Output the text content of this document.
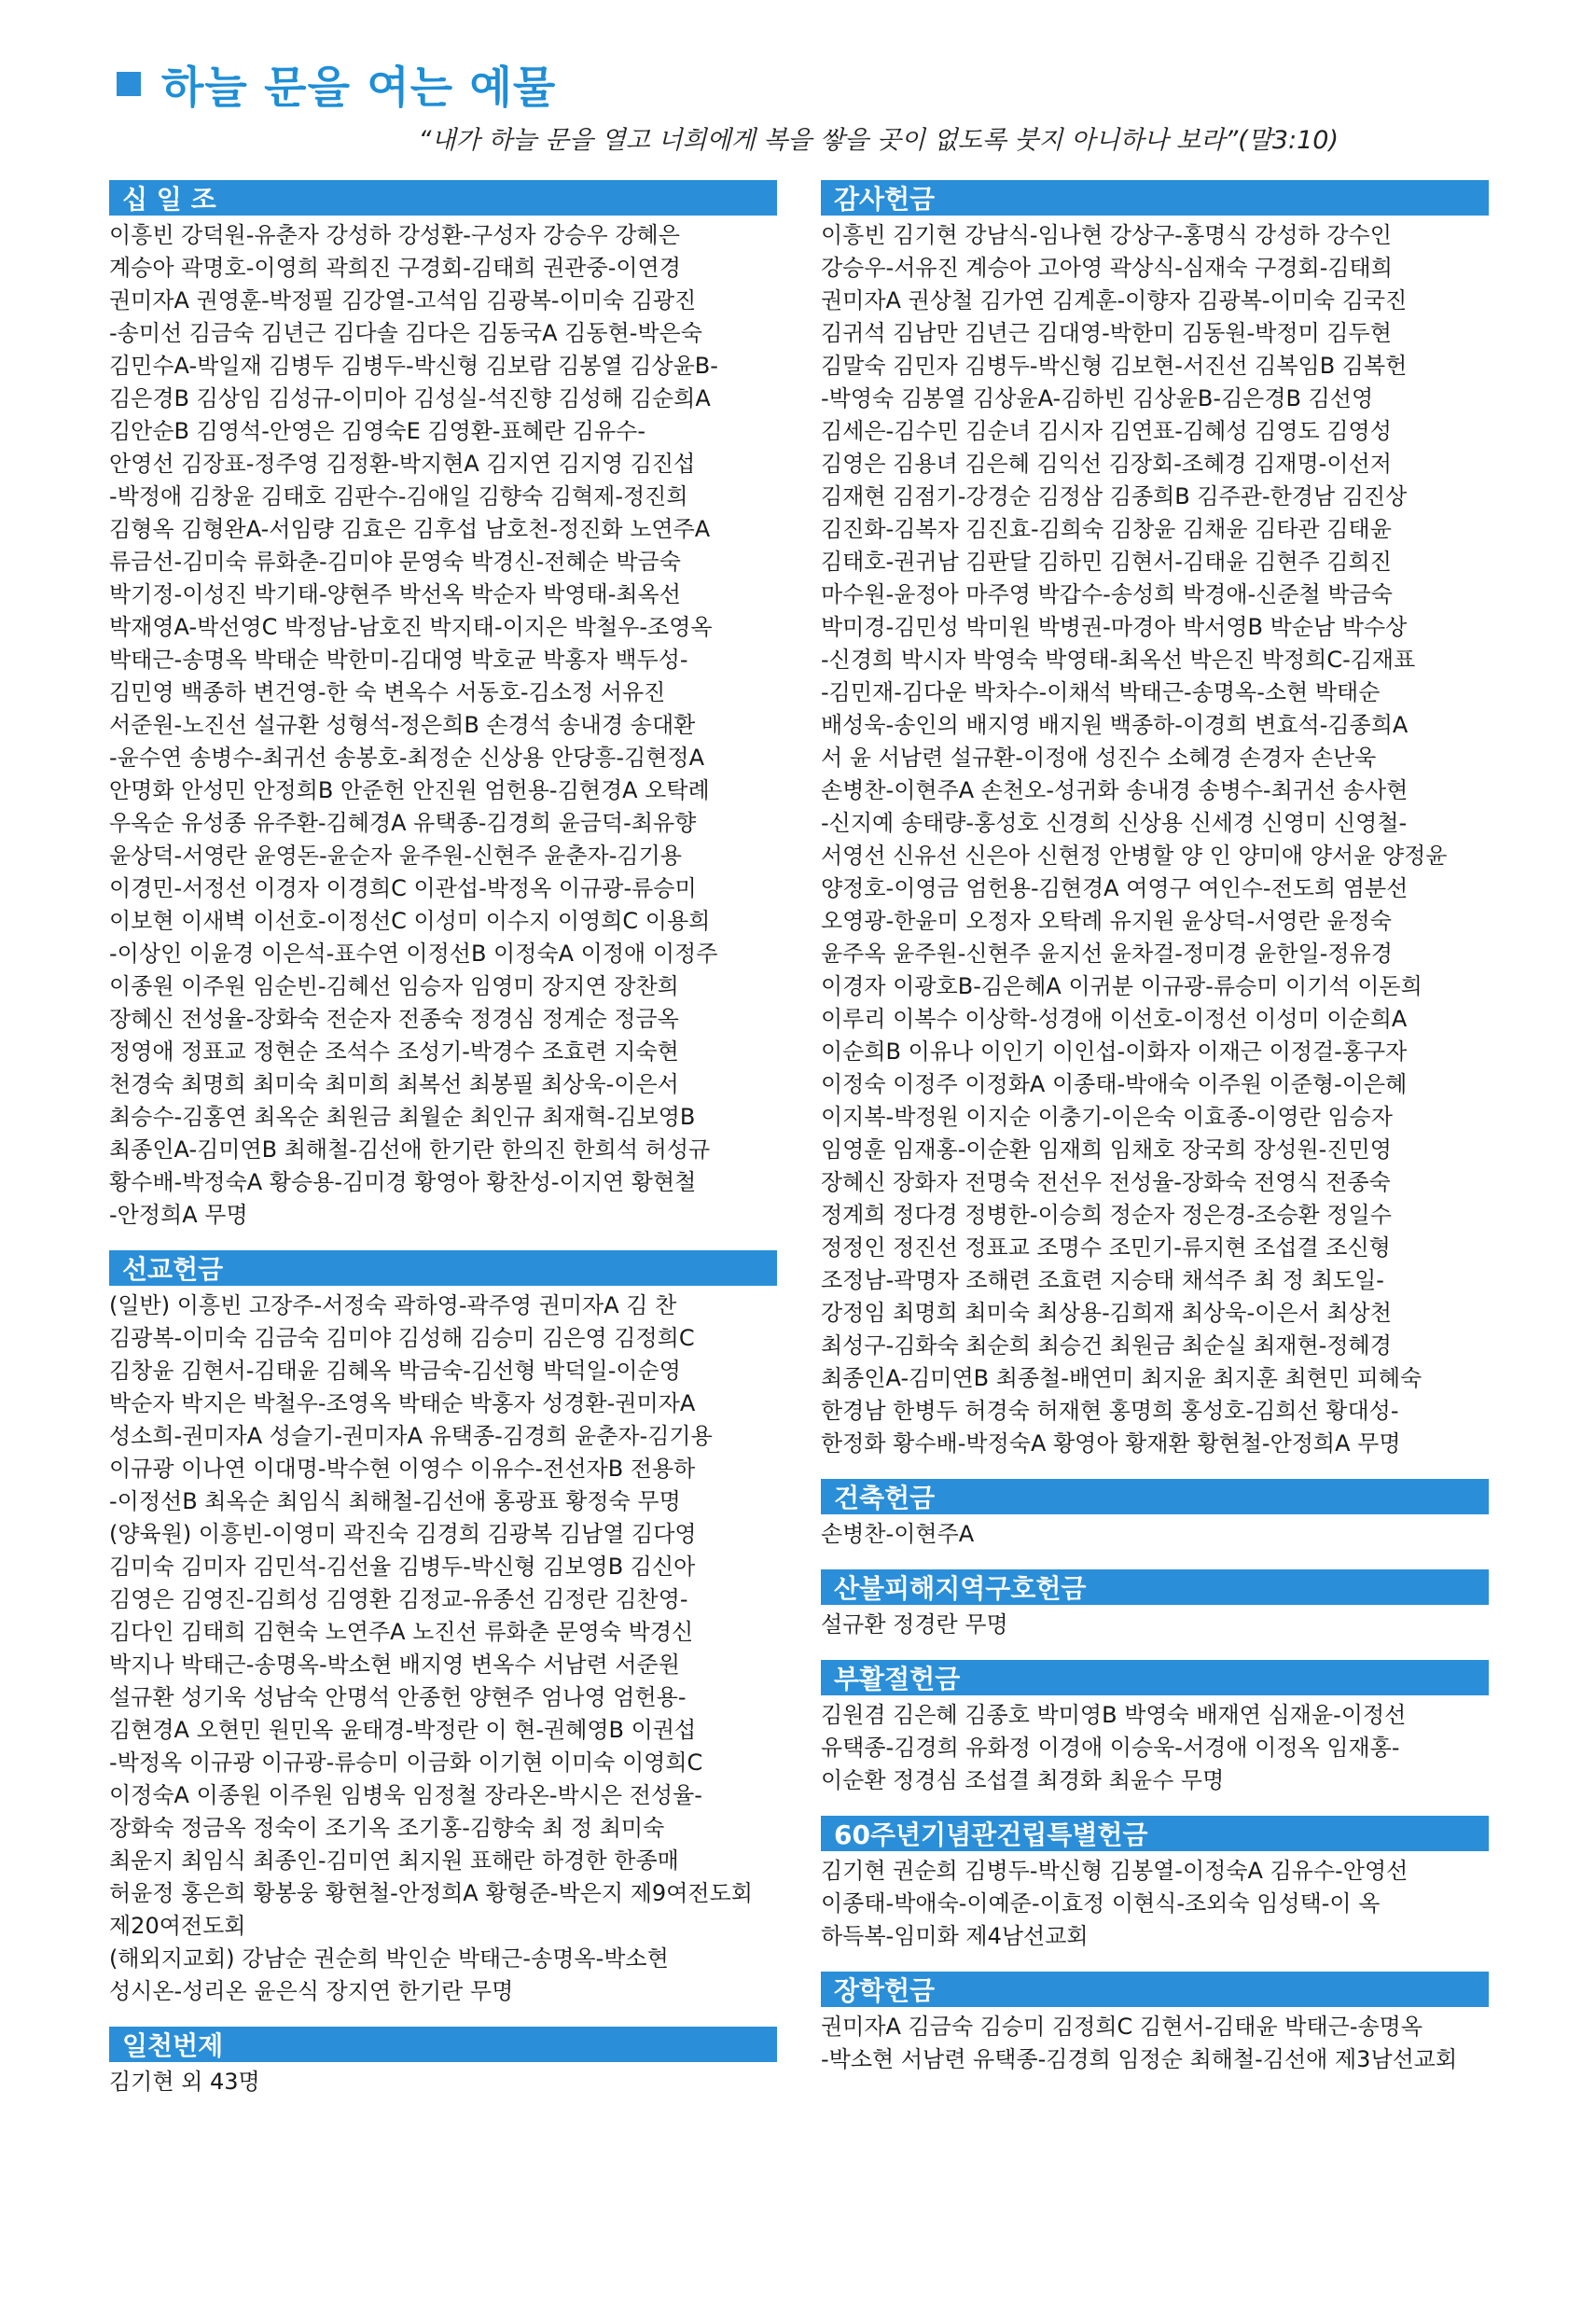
하늘 문을 여는 예물
“내가 하늘 문을 열고 너희에게 복을 쌓을 곳이 없도록 붓지 아니하나 보라”(말3:10)
십 일 조

이흥빈 강덕원-유춘자 강성하 강성환-구성자 강승우 강혜은

계승아 곽명호-이영희 곽희진 구경회-김태희 권관중-이연경

권미자A 권영훈-박정필 김강열-고석임 김광복-이미숙 김광진

-송미선 김금숙 김년근 김다솔 김다은 김동국A 김동현-박은숙

김민수A-박일재 김병두 김병두-박신형 김보람 김봉열 김상윤B-

김은경B 김상임 김성규-이미아 김성실-석진향 김성해 김순희A

김안순B 김영석-안영은 김영숙E 김영환-표혜란 김유수-

안영선 김장표-정주영 김정환-박지현A 김지연 김지영 김진섭

-박정애 김창윤 김태호 김판수-김애일 김향숙 김혁제-정진희

김형옥 김형완A-서임량 김효은 김후섭 남호천-정진화 노연주A

류금선-김미숙 류화춘-김미야 문영숙 박경신-전혜순 박금숙

박기정-이성진 박기태-양현주 박선옥 박순자 박영태-최옥선

박재영A-박선영C 박정남-남호진 박지태-이지은 박철우-조영옥

박태근-송명옥 박태순 박한미-김대영 박호균 박홍자 백두성-

김민영 백종하 변건영-한 숙 변옥수 서동호-김소정 서유진

서준원-노진선 설규환 성형석-정은희B 손경석 송내경 송대환

-윤수연 송병수-최귀선 송봉호-최정순 신상용 안당흥-김현정A

안명화 안성민 안정희B 안준헌 안진원 엄헌용-김현경A 오탁례

우옥순 유성종 유주환-김혜경A 유택종-김경희 윤금덕-최유향

윤상덕-서영란 윤영돈-윤순자 윤주원-신현주 윤춘자-김기용

이경민-서정선 이경자 이경희C 이관섭-박정옥 이규광-류승미

이보현 이새벽 이선호-이정선C 이성미 이수지 이영희C 이용희

-이상인 이윤경 이은석-표수연 이정선B 이정숙A 이정애 이정주

이종원 이주원 임순빈-김혜선 임승자 임영미 장지연 장찬희

장혜신 전성율-장화숙 전순자 전종숙 정경심 정계순 정금옥

정영애 정표교 정현순 조석수 조성기-박경수 조효련 지숙현

천경숙 최명희 최미숙 최미희 최복선 최봉필 최상욱-이은서

최승수-김홍연 최옥순 최원금 최월순 최인규 최재혁-김보영B

최종인A-김미연B 최해철-김선애 한기란 한의진 한희석 허성규

황수배-박정숙A 황승용-김미경 황영아 황찬성-이지연 황현철

-안정희A 무명

선교헌금

(일반) 이흥빈 고장주-서정숙 곽하영-곽주영 권미자A 김 찬

김광복-이미숙 김금숙 김미야 김성해 김승미 김은영 김정희C

김창윤 김현서-김태윤 김혜옥 박금숙-김선형 박덕일-이순영

박순자 박지은 박철우-조영옥 박태순 박홍자 성경환-권미자A

성소희-권미자A 성슬기-권미자A 유택종-김경희 윤춘자-김기용

이규광 이나연 이대명-박수현 이영수 이유수-전선자B 전용하

-이정선B 최옥순 최임식 최해철-김선애 홍광표 황정숙 무명

(양육원) 이흥빈-이영미 곽진숙 김경희 김광복 김남열 김다영

김미숙 김미자 김민석-김선율 김병두-박신형 김보영B 김신아

김영은 김영진-김희성 김영환 김정교-유종선 김정란 김찬영-

김다인 김태희 김현숙 노연주A 노진선 류화춘 문영숙 박경신

박지나 박태근-송명옥-박소현 배지영 변옥수 서남련 서준원

설규환 성기욱 성남숙 안명석 안종헌 양현주 엄나영 엄헌용-

김현경A 오현민 원민옥 윤태경-박정란 이 현-권혜영B 이권섭

-박정옥 이규광 이규광-류승미 이금화 이기현 이미숙 이영희C

이정숙A 이종원 이주원 임병욱 임정철 장라온-박시은 전성율-

장화숙 정금옥 정숙이 조기옥 조기홍-김향숙 최 정 최미숙

최운지 최임식 최종인-김미연 최지원 표해란 하경한 한종매

허윤정 홍은희 황봉웅 황현철-안정희A 황형준-박은지 제9여전도회

제20여전도회

(해외지교회) 강남순 권순희 박인순 박태근-송명옥-박소현

성시온-성리온 윤은식 장지연 한기란 무명

일천번제

김기현 외 43명

감사헌금

이흥빈 김기현 강남식-임나현 강상구-홍명식 강성하 강수인

강승우-서유진 계승아 고아영 곽상식-심재숙 구경회-김태희

권미자A 권상철 김가연 김계훈-이향자 김광복-이미숙 김국진

김귀석 김남만 김년근 김대영-박한미 김동원-박정미 김두현

김말숙 김민자 김병두-박신형 김보현-서진선 김복임B 김복헌

-박영숙 김봉열 김상윤A-김하빈 김상윤B-김은경B 김선영

김세은-김수민 김순녀 김시자 김연표-김혜성 김영도 김영성

김영은 김용녀 김은혜 김익선 김장회-조혜경 김재명-이선저

김재현 김점기-강경순 김정삼 김종희B 김주관-한경남 김진상

김진화-김복자 김진효-김희숙 김창윤 김채윤 김타관 김태윤

김태호-권귀남 김판달 김하민 김현서-김태윤 김현주 김희진

마수원-윤정아 마주영 박갑수-송성희 박경애-신준철 박금숙

박미경-김민성 박미원 박병권-마경아 박서영B 박순남 박수상

-신경희 박시자 박영숙 박영태-최옥선 박은진 박정희C-김재표

-김민재-김다운 박차수-이채석 박태근-송명옥-소현 박태순

배성욱-송인의 배지영 배지원 백종하-이경희 변효석-김종희A

서 윤 서남련 설규환-이정애 성진수 소혜경 손경자 손난욱

손병찬-이현주A 손천오-성귀화 송내경 송병수-최귀선 송사현

-신지예 송태량-홍성호 신경희 신상용 신세경 신영미 신영철-

서영선 신유선 신은아 신현정 안병할 양 인 양미애 양서윤 양정윤

양정호-이영금 엄헌용-김현경A 여영구 여인수-전도희 염분선

오영광-한윤미 오정자 오탁례 유지원 윤상덕-서영란 윤정숙

윤주옥 윤주원-신현주 윤지선 윤차걸-정미경 윤한일-정유경

이경자 이광호B-김은혜A 이귀분 이규광-류승미 이기석 이돈희

이루리 이복수 이상학-성경애 이선호-이정선 이성미 이순희A

이순희B 이유나 이인기 이인섭-이화자 이재근 이정걸-홍구자

이정숙 이정주 이정화A 이종태-박애숙 이주원 이준형-이은혜

이지복-박정원 이지순 이충기-이은숙 이효종-이영란 임승자

임영훈 임재홍-이순환 임재희 임채호 장국희 장성원-진민영

장혜신 장화자 전명숙 전선우 전성율-장화숙 전영식 전종숙

정계희 정다경 정병한-이승희 정순자 정은경-조승환 정일수

정정인 정진선 정표교 조명수 조민기-류지현 조섭결 조신형

조정남-곽명자 조해련 조효련 지승태 채석주 최 정 최도일-

강정임 최명희 최미숙 최상용-김희재 최상욱-이은서 최상천

최성구-김화숙 최순희 최승건 최원금 최순실 최재현-정혜경

최종인A-김미연B 최종철-배연미 최지윤 최지훈 최현민 피혜숙

한경남 한병두 허경숙 허재현 홍명희 홍성호-김희선 황대성-

한정화 황수배-박정숙A 황영아 황재환 황현철-안정희A 무명

건축헌금

손병찬-이현주A

산불피해지역구호헌금

설규환 정경란 무명

부활절헌금

김원겸 김은혜 김종호 박미영B 박영숙 배재연 심재윤-이정선

유택종-김경희 유화정 이경애 이승욱-서경애 이정옥 임재홍-

이순환 정경심 조섭결 최경화 최윤수 무명

60주년기념관건립특별헌금

김기현 권순희 김병두-박신형 김봉열-이정숙A 김유수-안영선

이종태-박애숙-이예준-이효정 이현식-조외숙 임성택-이 옥

하득복-임미화 제4남선교회

장학헌금

권미자A 김금숙 김승미 김정희C 김현서-김태윤 박태근-송명옥

-박소현 서남련 유택종-김경희 임정순 최해철-김선애 제3남선교회
